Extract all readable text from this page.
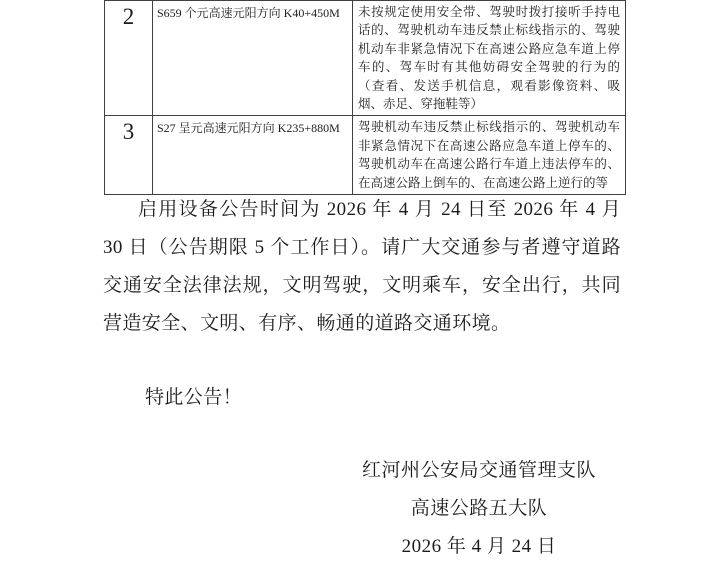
2	S659 个元高速元阳方向 K40+450M	未按规定使用安全带、驾驶时拨打接听手持电话的、驾驶机动车违反禁止标线指示的、驾驶机动车非紧急情况下在高速公路应急车道上停车的、驾车时有其他妨碍安全驾驶的行为的（查看、发送手机信息，观看影像资料、吸烟、赤足、穿拖鞋等）
3	S27 呈元高速元阳方向 K235+880M	驾驶机动车违反禁止标线指示的、驾驶机动车非紧急情况下在高速公路应急车道上停车的、驾驶机动车在高速公路行车道上违法停车的、在高速公路上倒车的、在高速公路上逆行的等

启用设备公告时间为 2026 年 4 月 24 日至 2026 年 4 月 30 日（公告期限 5 个工作日）。请广大交通参与者遵守道路交通安全法律法规，文明驾驶，文明乘车，安全出行，共同营造安全、文明、有序、畅通的道路交通环境。

特此公告！

红河州公安局交通管理支队
高速公路五大队
2026 年 4 月 24 日
